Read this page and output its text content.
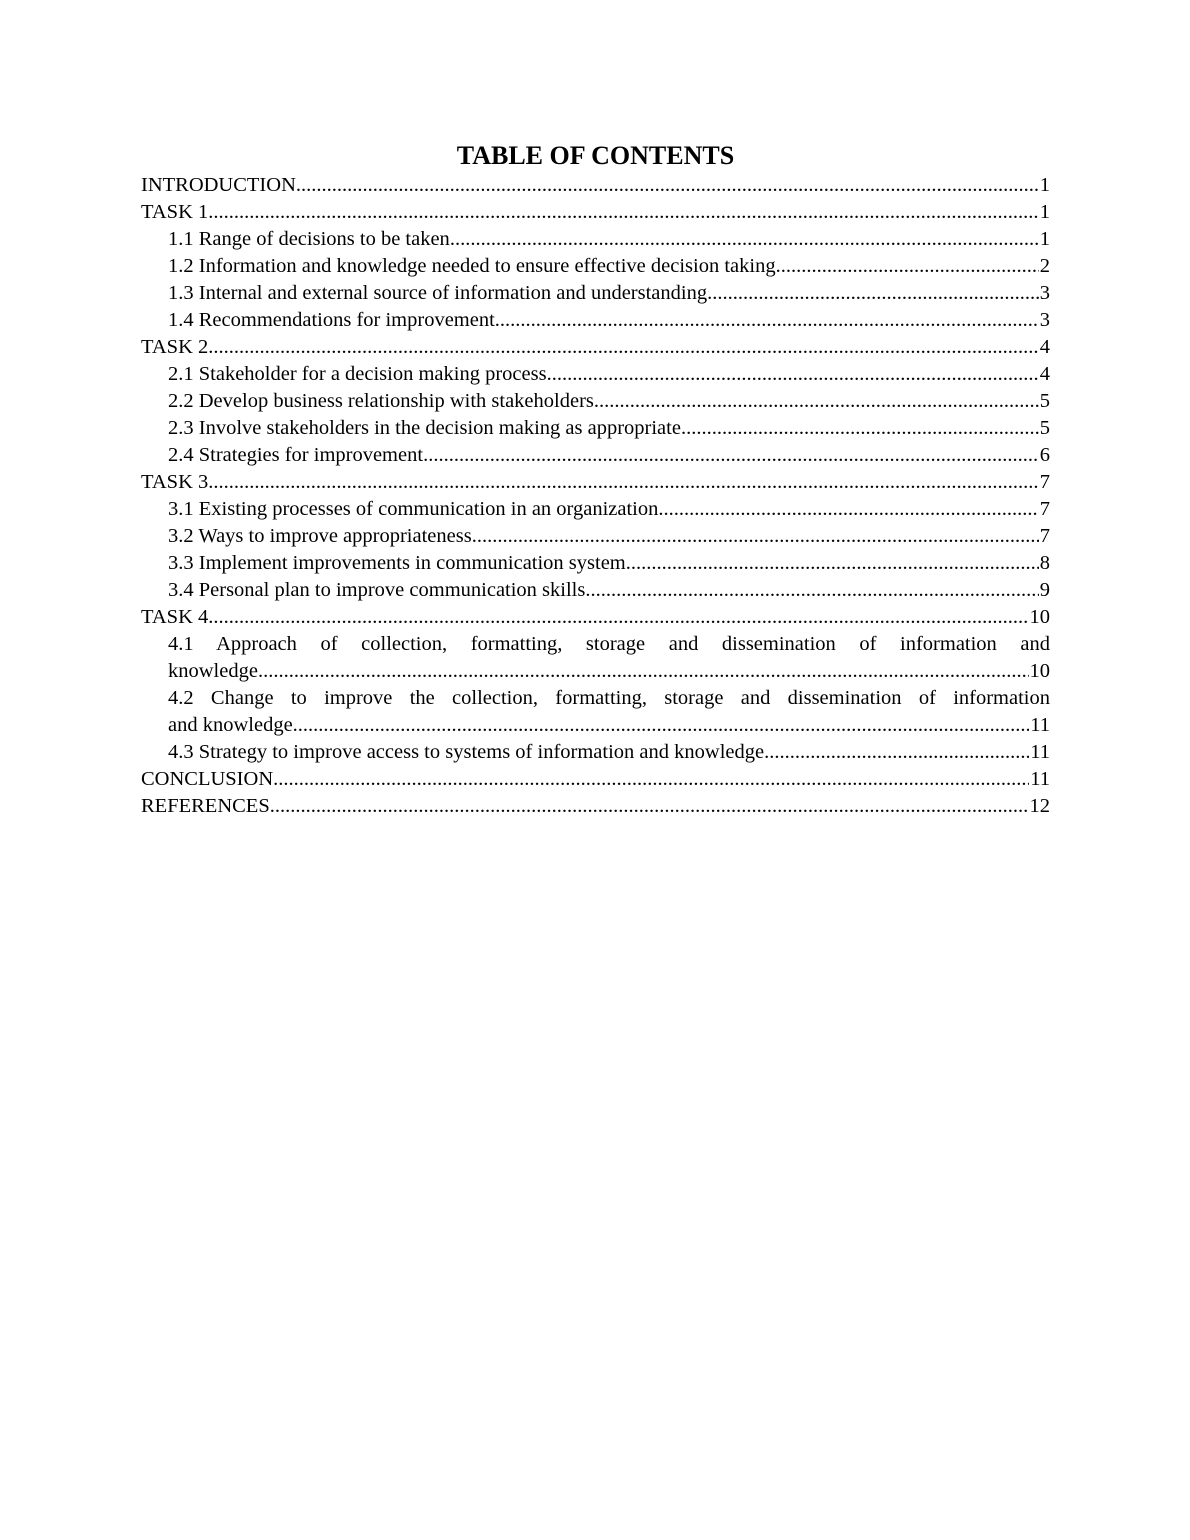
TABLE OF CONTENTS
INTRODUCTION .....	1
TASK 1 .....	1
1.1 Range of decisions to be taken .....	1
1.2 Information and knowledge needed to ensure effective decision taking .....	2
1.3 Internal and external source of information and understanding .....	3
1.4 Recommendations for improvement .....	3
TASK 2 .....	4
2.1 Stakeholder for a decision making process .....	4
2.2 Develop business relationship with stakeholders .....	5
2.3 Involve stakeholders in the decision making as appropriate .....	5
2.4 Strategies for improvement .....	6
TASK 3 .....	7
3.1 Existing processes of communication in an organization .....	7
3.2 Ways to improve appropriateness .....	7
3.3 Implement improvements in communication system .....	8
3.4 Personal plan to improve communication skills .....	9
TASK 4 .....	10
4.1 Approach of collection, formatting, storage and dissemination of information and
knowledge .....	10
4.2 Change to improve the collection, formatting, storage and dissemination of information
and knowledge .....	11
4.3 Strategy to improve access to systems of information and knowledge .....	11
CONCLUSION .....	11
REFERENCES .....	12
